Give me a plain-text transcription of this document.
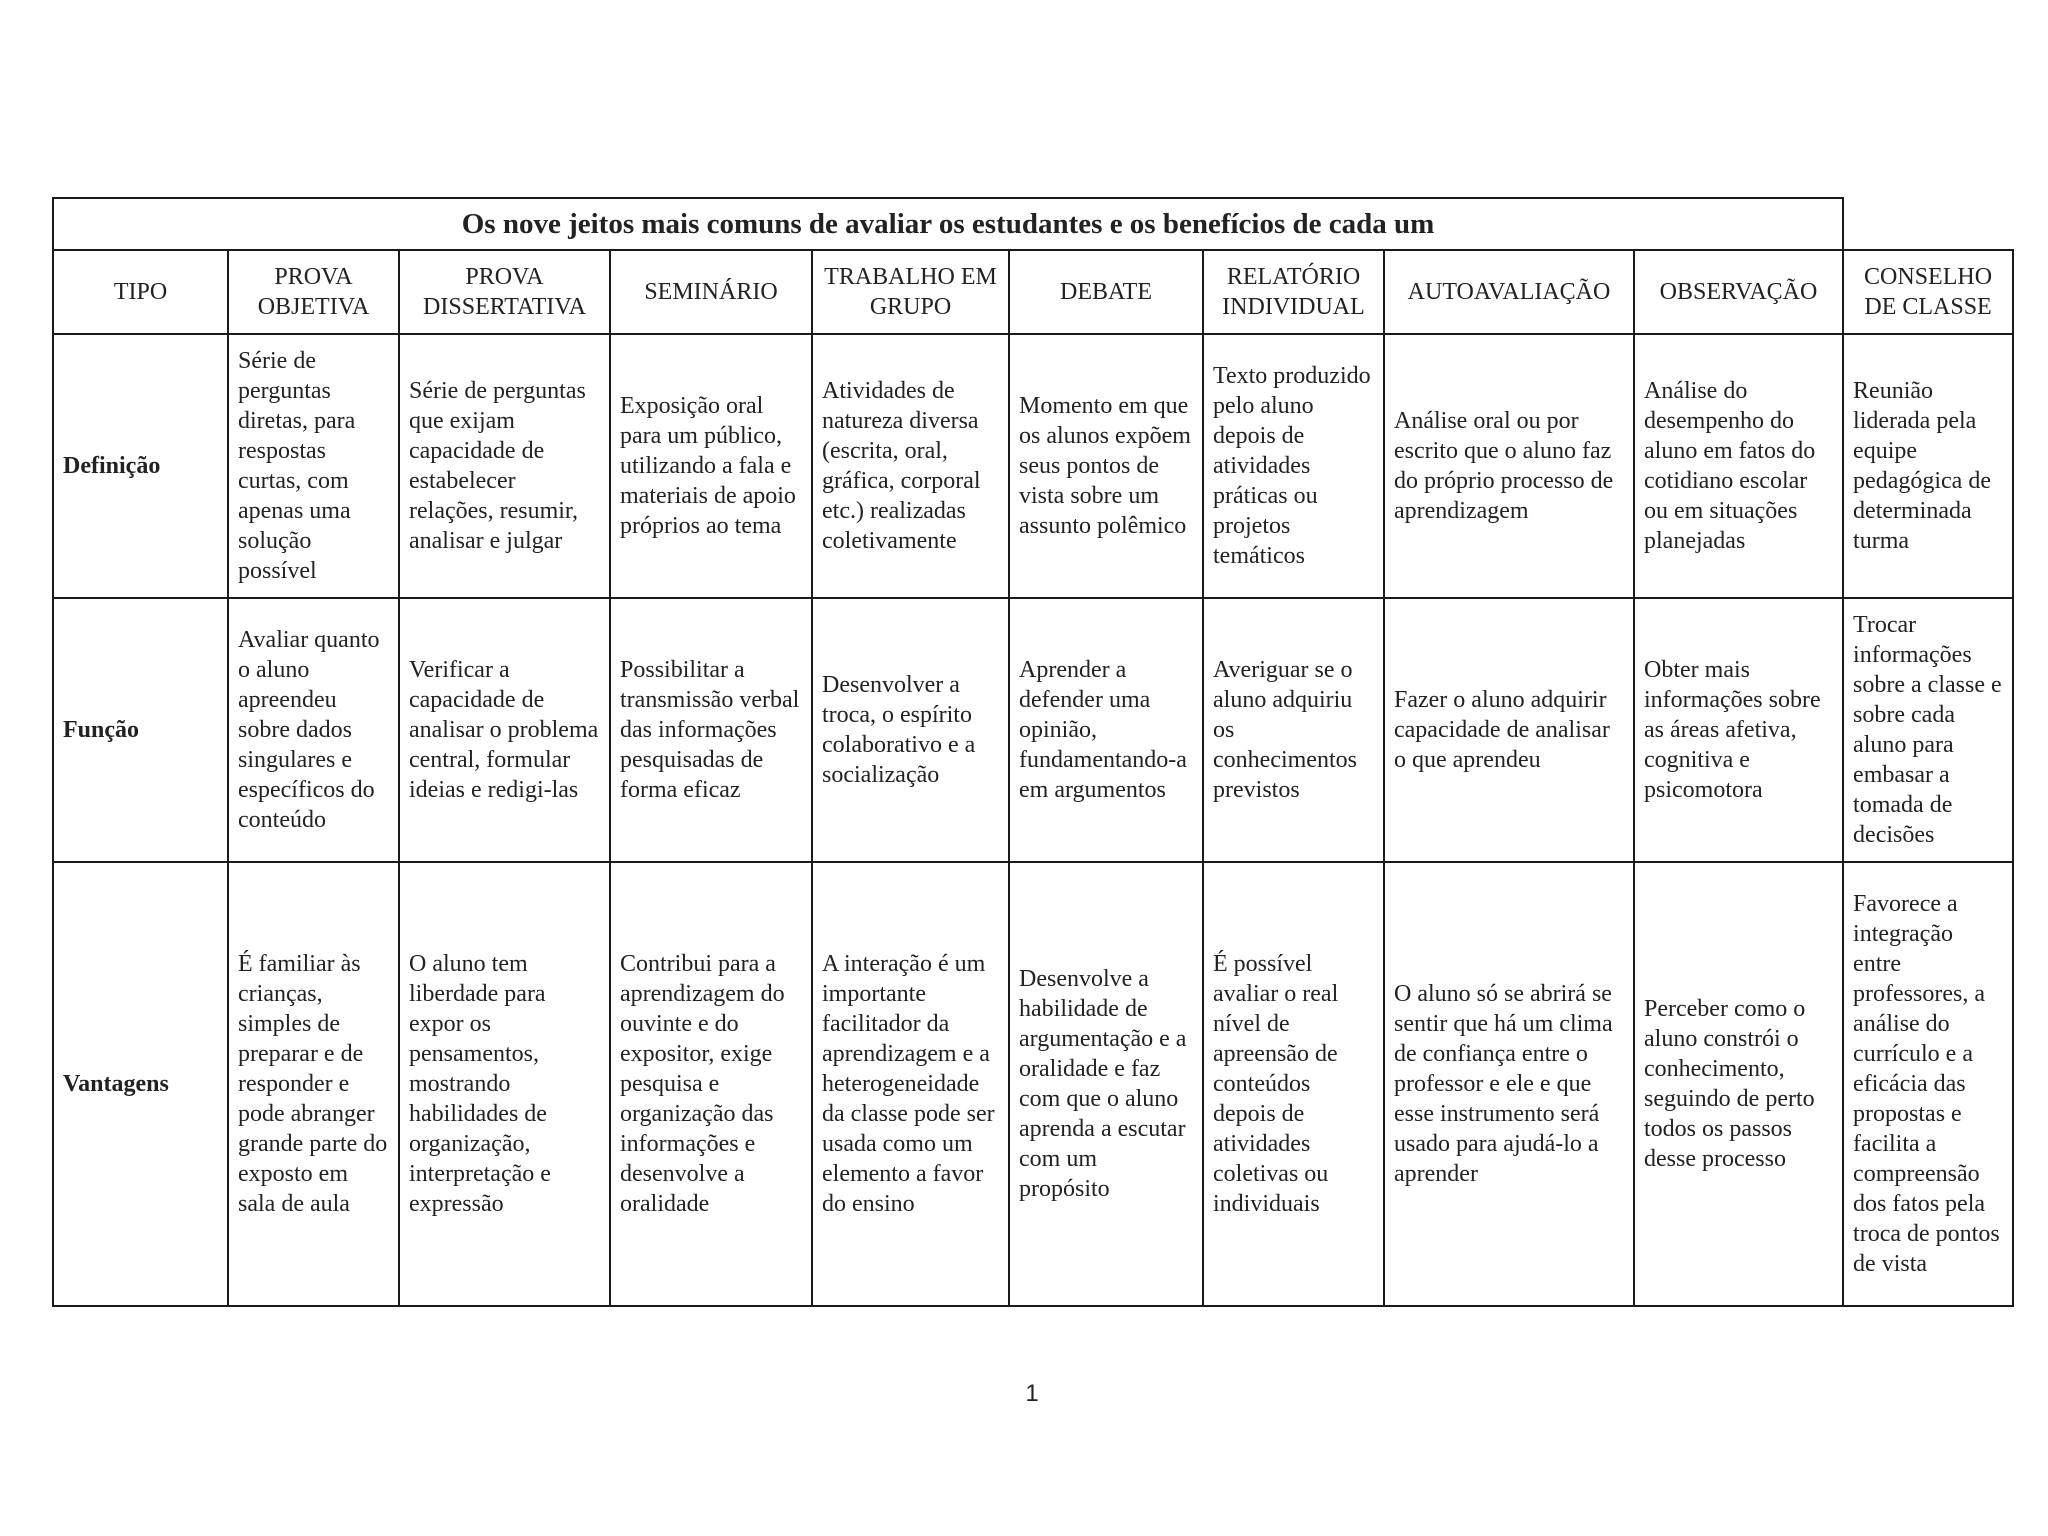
Os nove jeitos mais comuns de avaliar os estudantes e os benefícios de cada um									
TIPO	PROVA OBJETIVA	PROVA DISSERTATIVA	SEMINÁRIO	TRABALHO EM GRUPO	DEBATE	RELATÓRIO INDIVIDUAL	AUTOAVALIAÇÃO	OBSERVAÇÃO	CONSELHO DE CLASSE
Definição	Série de perguntas diretas, para respostas curtas, com apenas uma solução possível	Série de perguntas que exijam capacidade de estabelecer relações, resumir, analisar e julgar	Exposição oral para um público, utilizando a fala e materiais de apoio próprios ao tema	Atividades de natureza diversa (escrita, oral, gráfica, corporal etc.) realizadas coletivamente	Momento em que os alunos expõem seus pontos de vista sobre um assunto polêmico	Texto produzido pelo aluno depois de atividades práticas ou projetos temáticos	Análise oral ou por escrito que o aluno faz do próprio processo de aprendizagem	Análise do desempenho do aluno em fatos do cotidiano escolar ou em situações planejadas	Reunião liderada pela equipe pedagógica de determinada turma
Função	Avaliar quanto o aluno apreendeu sobre dados singulares e específicos do conteúdo	Verificar a capacidade de analisar o problema central, formular ideias e redigi-las	Possibilitar a transmissão verbal das informações pesquisadas de forma eficaz	Desenvolver a troca, o espírito colaborativo e a socialização	Aprender a defender uma opinião, fundamentando-a em argumentos	Averiguar se o aluno adquiriu os conhecimentos previstos	Fazer o aluno adquirir capacidade de analisar o que aprendeu	Obter mais informações sobre as áreas afetiva, cognitiva e psicomotora	Trocar informações sobre a classe e sobre cada aluno para embasar a tomada de decisões
Vantagens	É familiar às crianças, simples de preparar e de responder e pode abranger grande parte do exposto em sala de aula	O aluno tem liberdade para expor os pensamentos, mostrando habilidades de organização, interpretação e expressão	Contribui para a aprendizagem do ouvinte e do expositor, exige pesquisa e organização das informações e desenvolve a oralidade	A interação é um importante facilitador da aprendizagem e a heterogeneidade da classe pode ser usada como um elemento a favor do ensino	Desenvolve a habilidade de argumentação e a oralidade e faz com que o aluno aprenda a escutar com um propósito	É possível avaliar o real nível de apreensão de conteúdos depois de atividades coletivas ou individuais	O aluno só se abrirá se sentir que há um clima de confiança entre o professor e ele e que esse instrumento será usado para ajudá-lo a aprender	Perceber como o aluno constrói o conhecimento, seguindo de perto todos os passos desse processo	Favorece a integração entre professores, a análise do currículo e a eficácia das propostas e facilita a compreensão dos fatos pela troca de pontos de vista
1
